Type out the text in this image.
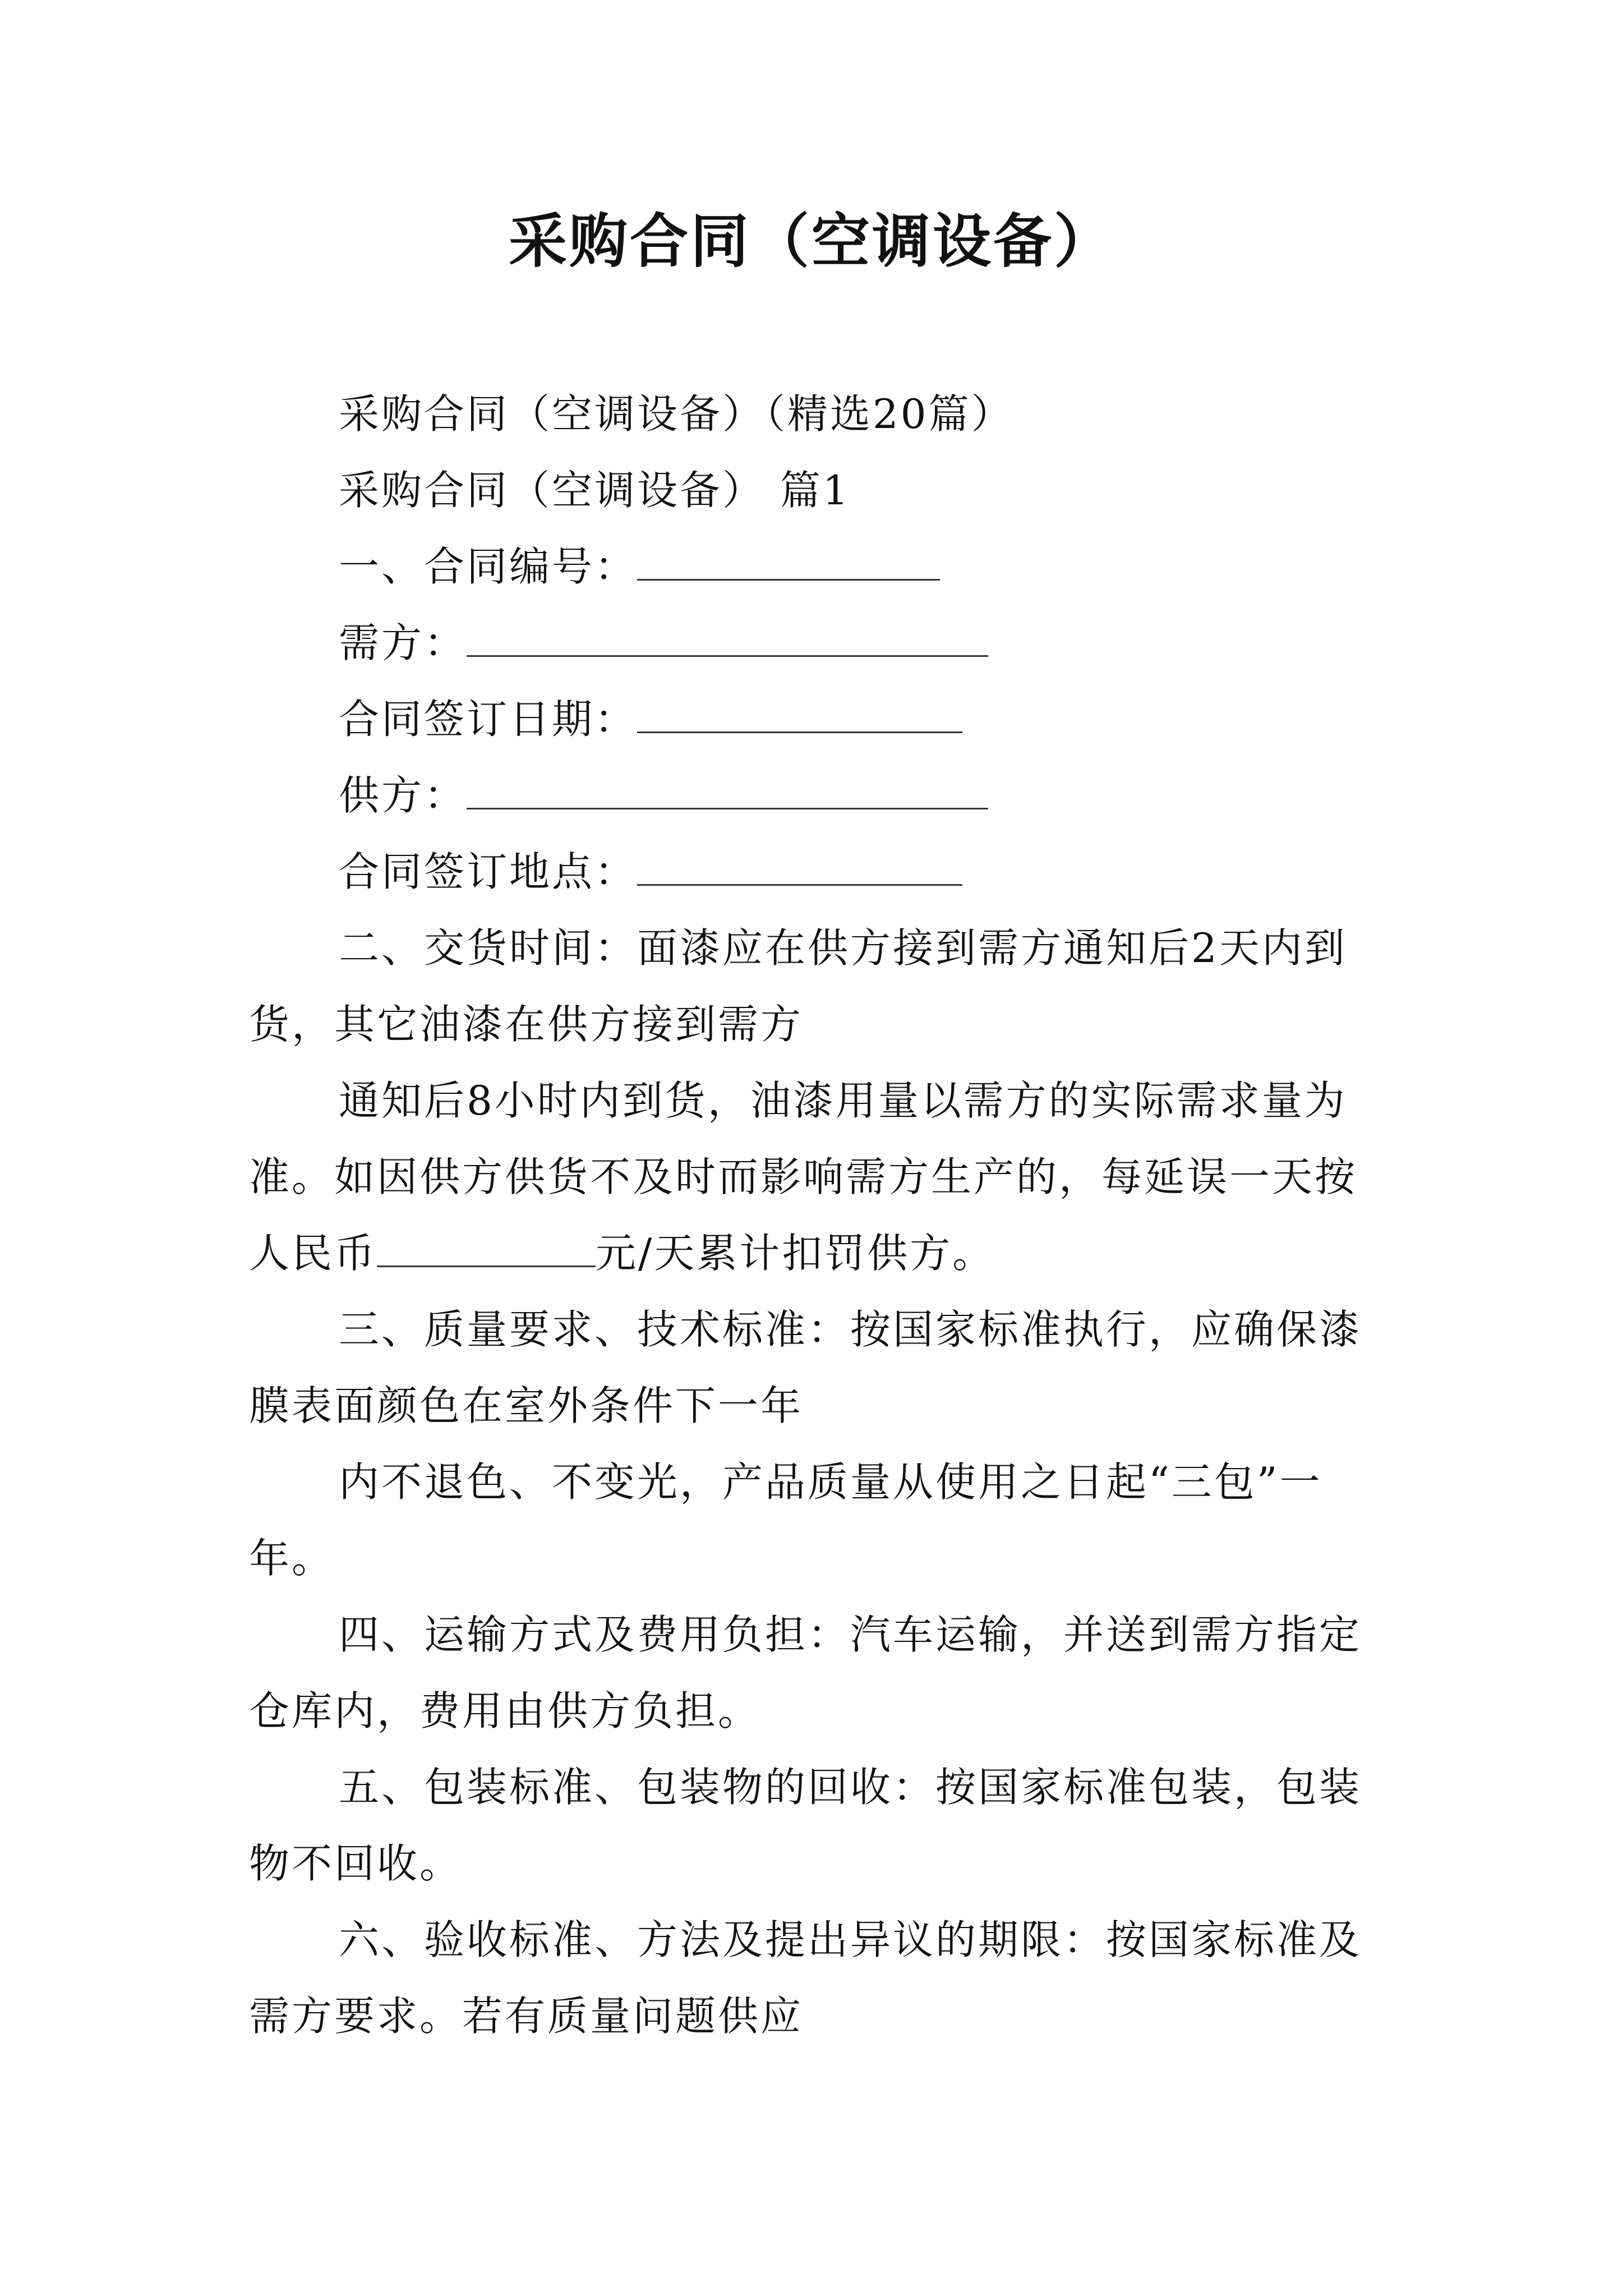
采购合同（空调设备）

采购合同（空调设备）（精选20篇）

采购合同（空调设备） 篇1

一、合同编号：

需方：

合同签订日期：

供方：

合同签订地点：

二、交货时间：面漆应在供方接到需方通知后2天内到货，其它油漆在供方接到需方

通知后8小时内到货，油漆用量以需方的实际需求量为准。如因供方供货不及时而影响需方生产的，每延误一天按人民币	元/天累计扣罚供方。

三、质量要求、技术标准：按国家标准执行，应确保漆膜表面颜色在室外条件下一年

内不退色、不变光，产品质量从使用之日起“三包”一年。

四、运输方式及费用负担：汽车运输，并送到需方指定仓库内，费用由供方负担。

五、包装标准、包装物的回收：按国家标准包装，包装物不回收。

六、验收标准、方法及提出异议的期限：按国家标准及需方要求。若有质量问题供应
